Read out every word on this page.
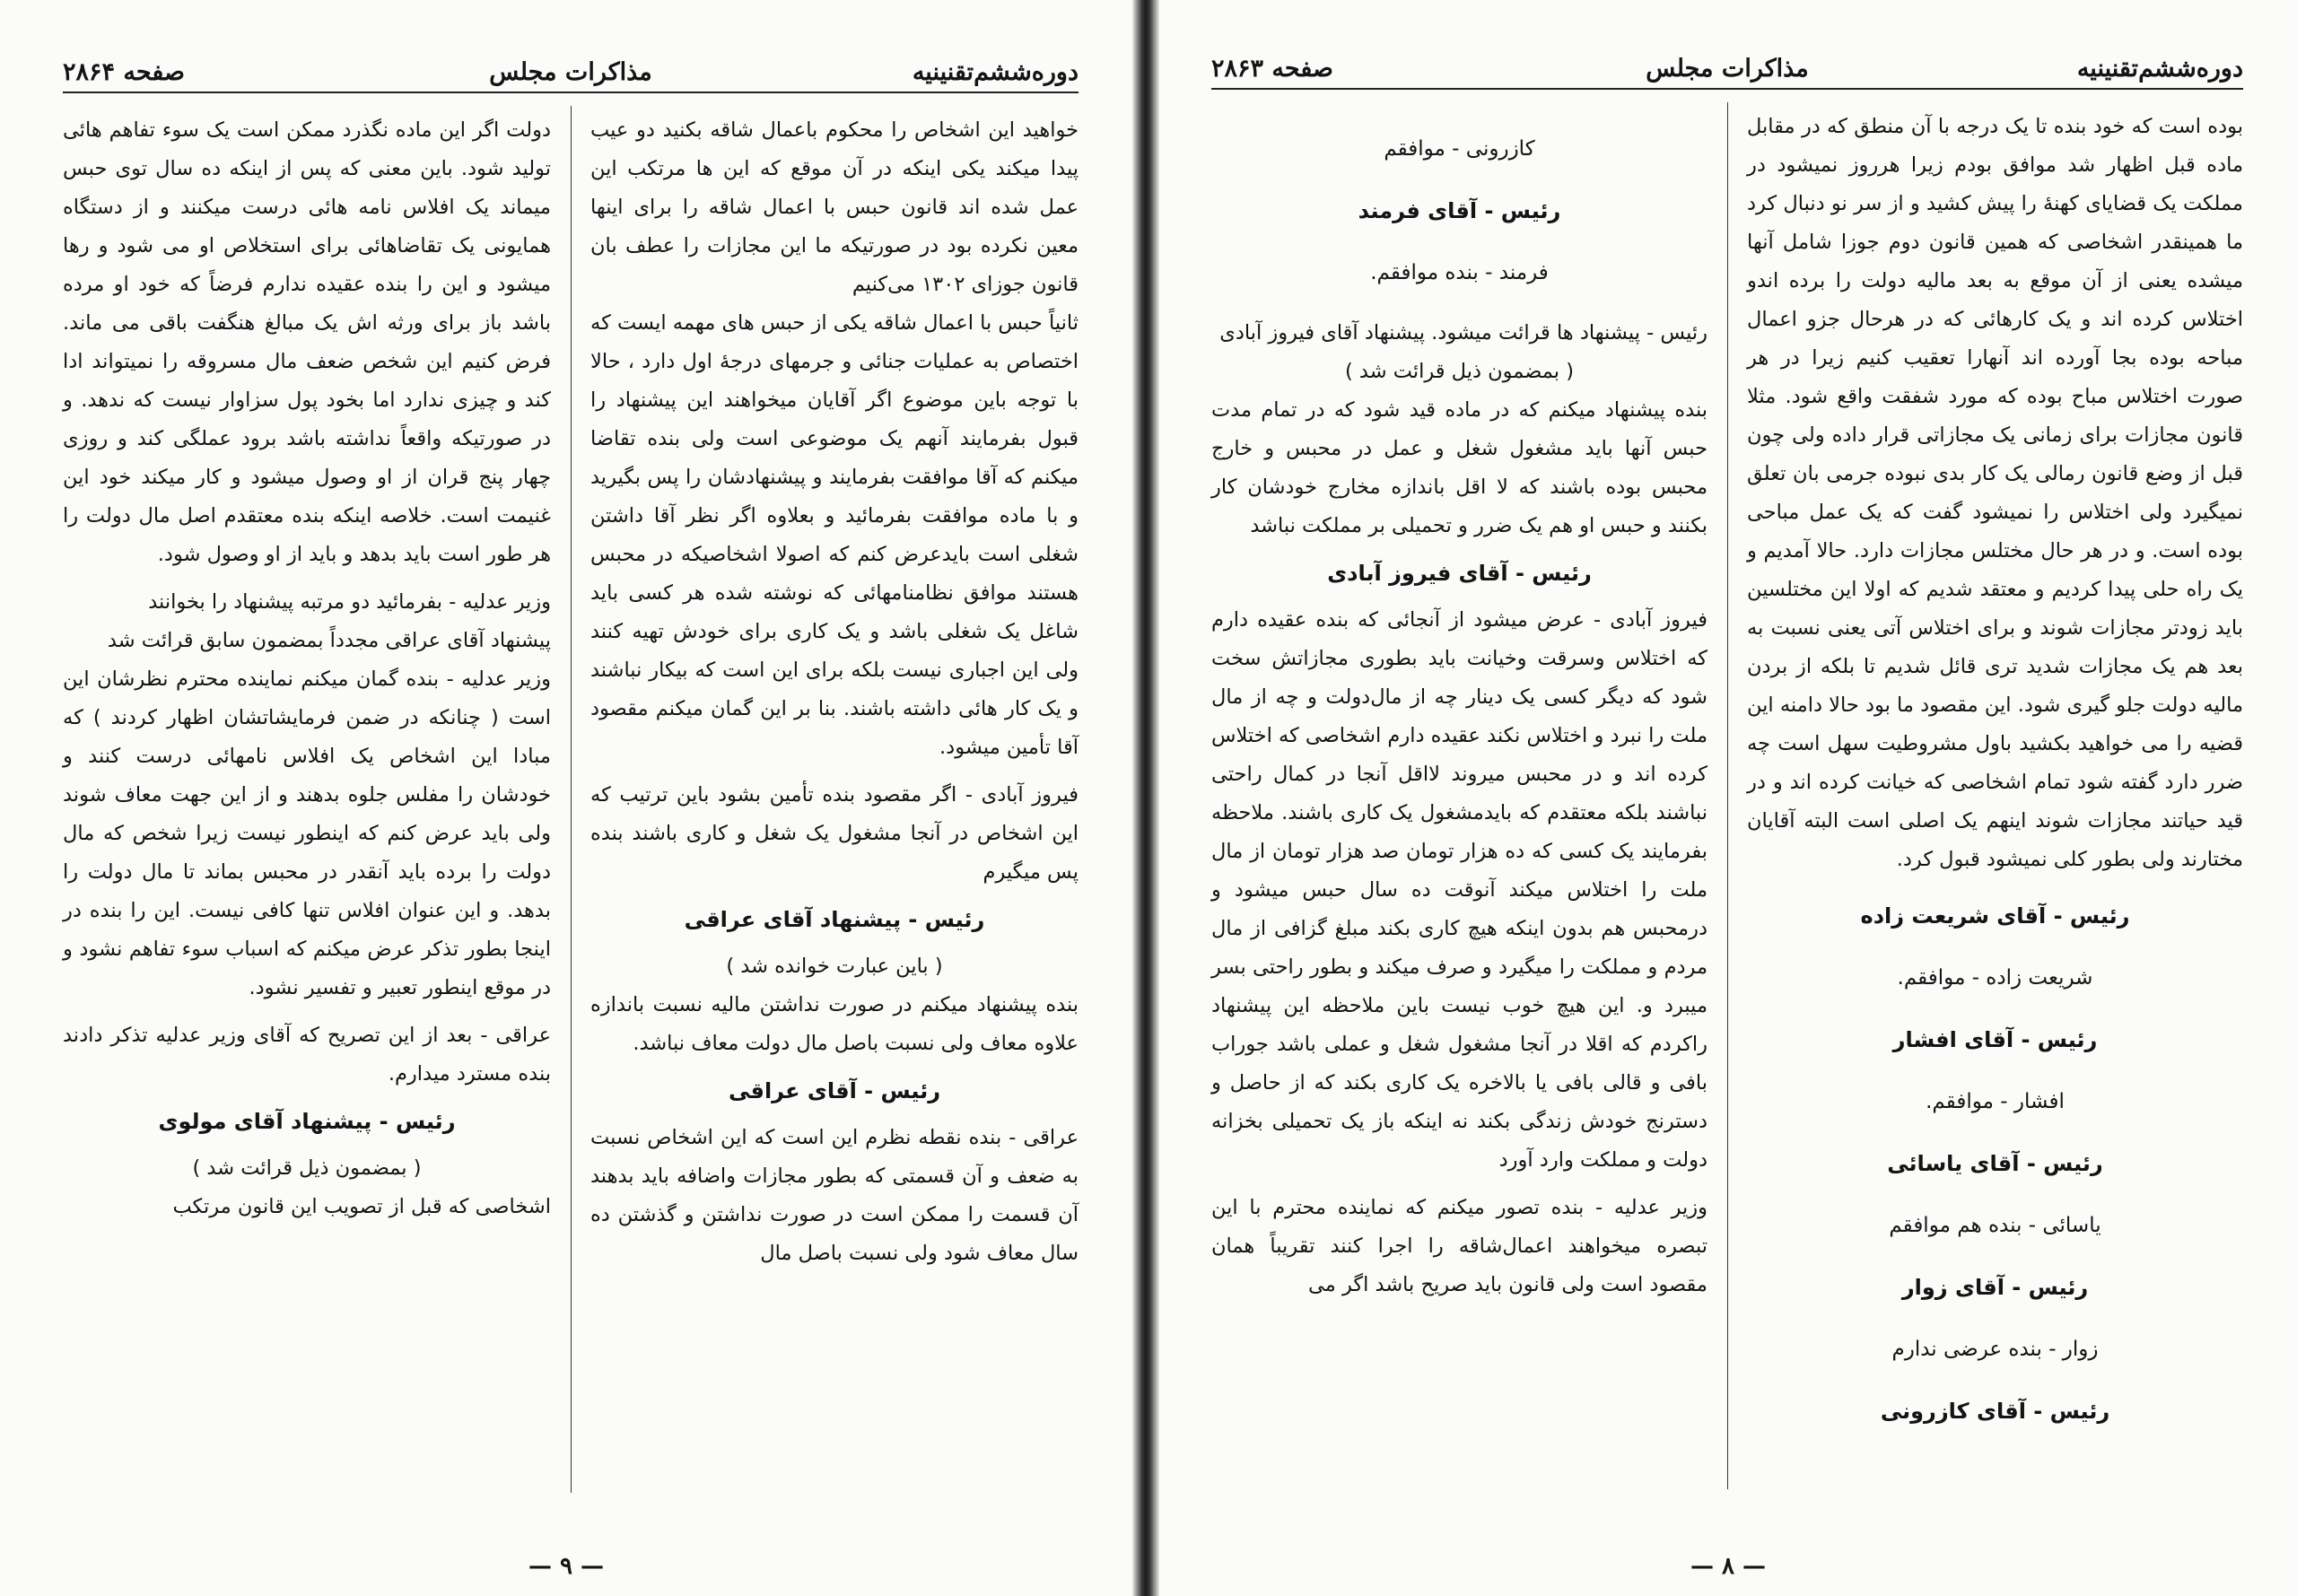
دوره‌ششم‌تقنینیه
مذاکرات مجلس
صفحه ۲۸۶۴

خواهید این اشخاص را محکوم باعمال شاقه بکنید دو عیب پیدا میکند یکی اینکه در آن موقع که این ها مرتکب این عمل شده اند قانون حبس با اعمال شاقه را برای اینها معین نکرده بود در صورتیکه ما این مجازات را عطف بان قانون جوزای ۱۳۰۲ می‌کنیم

ثانیاً حبس با اعمال شاقه یکی از حبس های مهمه ایست که اختصاص به عملیات جنائی و جرمهای درجهٔ اول دارد ، حالا با توجه باین موضوع اگر آقایان میخواهند این پیشنهاد را قبول بفرمایند آنهم یک موضوعی است ولی بنده تقاضا میکنم که آقا موافقت بفرمایند و پیشنهادشان را پس بگیرید و با ماده موافقت بفرمائید و بعلاوه اگر نظر آقا داشتن شغلی است بایدعرض کنم که اصولا اشخاصیکه در محبس هستند موافق نظامنامهائی که نوشته شده هر کسی باید شاغل یک شغلی باشد و یک کاری برای خودش تهیه کنند ولی این اجباری نیست بلکه برای این است که بیکار نباشند و یک کار هائی داشته باشند. بنا بر این گمان میکنم مقصود آقا تأمین میشود.

فیروز آبادی - اگر مقصود بنده تأمین بشود باین ترتیب که این اشخاص در آنجا مشغول یک شغل و کاری باشند بنده پس میگیرم

رئیس - پیشنهاد آقای عراقی

( باین عبارت خوانده شد )

بنده پیشنهاد میکنم در صورت نداشتن مالیه نسبت باندازه علاوه معاف ولی نسبت باصل مال دولت معاف نباشد.

رئیس - آقای عراقی

عراقی - بنده نقطه نظرم این است که این اشخاص نسبت به ضعف و آن قسمتی که بطور مجازات واضافه باید بدهند آن قسمت را ممکن است در صورت نداشتن و گذشتن ده سال معاف شود ولی نسبت باصل مال

دولت اگر این ماده نگذرد ممکن است یک سوء تفاهم هائی تولید شود. باین معنی که پس از اینکه ده سال توی حبس میماند یک افلاس نامه هائی درست میکنند و از دستگاه همایونی یک تقاضاهائی برای استخلاص او می شود و رها میشود و این را بنده عقیده ندارم فرضاً که خود او مرده باشد باز برای ورثه اش یک مبالغ هنگفت باقی می ماند. فرض کنیم این شخص ضعف مال مسروقه را نمیتواند ادا کند و چیزی ندارد اما بخود پول سزاوار نیست که ندهد. و در صورتیکه واقعاً نداشته باشد برود عملگی کند و روزی چهار پنج قران از او وصول میشود و کار میکند خود این غنیمت است. خلاصه اینکه بنده معتقدم اصل مال دولت را هر طور است باید بدهد و باید از او وصول شود.

وزیر عدلیه - بفرمائید دو مرتبه پیشنهاد را بخوانند

پیشنهاد آقای عراقی مجدداً بمضمون سابق قرائت شد

وزیر عدلیه - بنده گمان میکنم نماینده محترم نظرشان این است ( چنانکه در ضمن فرمایشاتشان اظهار کردند ) که مبادا این اشخاص یک افلاس نامهائی درست کنند و خودشان را مفلس جلوه بدهند و از این جهت معاف شوند ولی باید عرض کنم که اینطور نیست زیرا شخص که مال دولت را برده باید آنقدر در محبس بماند تا مال دولت را بدهد. و این عنوان افلاس تنها کافی نیست. این را بنده در اینجا بطور تذکر عرض میکنم که اسباب سوء تفاهم نشود و در موقع اینطور تعبیر و تفسیر نشود.

عراقی - بعد از این تصریح که آقای وزیر عدلیه تذکر دادند بنده مسترد میدارم.

رئیس - پیشنهاد آقای مولوی

( بمضمون ذیل قرائت شد )

اشخاصی که قبل از تصویب این قانون مرتکب

— ۹ —
دوره‌ششم‌تقنینیه
مذاکرات مجلس
صفحه ۲۸۶۳

بوده است که خود بنده تا یک درجه با آن منطق که در مقابل ماده قبل اظهار شد موافق بودم زیرا هرروز نمیشود در مملکت یک قضایای کهنهٔ را پیش کشید و از سر نو دنبال کرد ما همینقدر اشخاصی که همین قانون دوم جوزا شامل آنها میشده یعنی از آن موقع به بعد مالیه دولت را برده اندو اختلاس کرده اند و یک کارهائی که در هرحال جزو اعمال مباحه بوده بجا آورده اند آنهارا تعقیب کنیم زیرا در هر صورت اختلاس مباح بوده که مورد شفقت واقع شود. مثلا قانون مجازات برای زمانی یک مجازاتی قرار داده ولی چون قبل از وضع قانون رمالی یک کار بدی نبوده جرمی بان تعلق نمیگیرد ولی اختلاس را نمیشود گفت که یک عمل مباحی بوده است. و در هر حال مختلس مجازات دارد. حالا آمدیم و یک راه حلی پیدا کردیم و معتقد شدیم که اولا این مختلسین باید زودتر مجازات شوند و برای اختلاس آتی یعنی نسبت به بعد هم یک مجازات شدید تری قائل شدیم تا بلکه از بردن مالیه دولت جلو گیری شود. این مقصود ما بود حالا دامنه این قضیه را می خواهید بکشید باول مشروطیت سهل است چه ضرر دارد گفته شود تمام اشخاصی که خیانت کرده اند و در قید حیاتند مجازات شوند اینهم یک اصلی است البته آقایان مختارند ولی بطور کلی نمیشود قبول کرد.

رئیس - آقای شریعت زاده

شریعت زاده - موافقم.

رئیس - آقای افشار

افشار - موافقم.

رئیس - آقای یاسائی

یاسائی - بنده هم موافقم

رئیس - آقای زوار

زوار - بنده عرضی ندارم

رئیس - آقای کازرونی

کازرونی - موافقم

رئیس - آقای فرمند

فرمند - بنده موافقم.

رئیس - پیشنهاد ها قرائت میشود. پیشنهاد آقای فیروز آبادی

( بمضمون ذیل قرائت شد )

بنده پیشنهاد میکنم که در ماده قید شود که در تمام مدت حبس آنها باید مشغول شغل و عمل در محبس و خارج محبس بوده باشند که لا اقل باندازه مخارج خودشان کار بکنند و حبس او هم یک ضرر و تحمیلی بر مملکت نباشد

رئیس - آقای فیروز آبادی

فیروز آبادی - عرض میشود از آنجائی که بنده عقیده دارم که اختلاس وسرقت وخیانت باید بطوری مجازاتش سخت شود که دیگر کسی یک دینار چه از مال‌دولت و چه از مال ملت را نبرد و اختلاس نکند عقیده دارم اشخاصی که اختلاس کرده اند و در محبس میروند لااقل آنجا در کمال راحتی نباشند بلکه معتقدم که بایدمشغول یک کاری باشند. ملاحظه بفرمایند یک کسی که ده هزار تومان صد هزار تومان از مال ملت را اختلاس میکند آنوقت ده سال حبس میشود و درمحبس هم بدون اینکه هیچ کاری بکند مبلغ گزافی از مال مردم و مملکت را میگیرد و صرف میکند و بطور راحتی بسر میبرد و. این هیچ خوب نیست باین ملاحظه این پیشنهاد راکردم که اقلا در آنجا مشغول شغل و عملی باشد جوراب بافی و قالی بافی یا بالاخره یک کاری بکند که از حاصل و دسترنج خودش زندگی بکند نه اینکه باز یک تحمیلی بخزانه دولت و مملکت وارد آورد

وزیر عدلیه - بنده تصور میکنم که نماینده محترم با این تبصره میخواهند اعمال‌شاقه را اجرا کنند تقریباً همان مقصود است ولی قانون باید صریح باشد اگر می

— ۸ —
